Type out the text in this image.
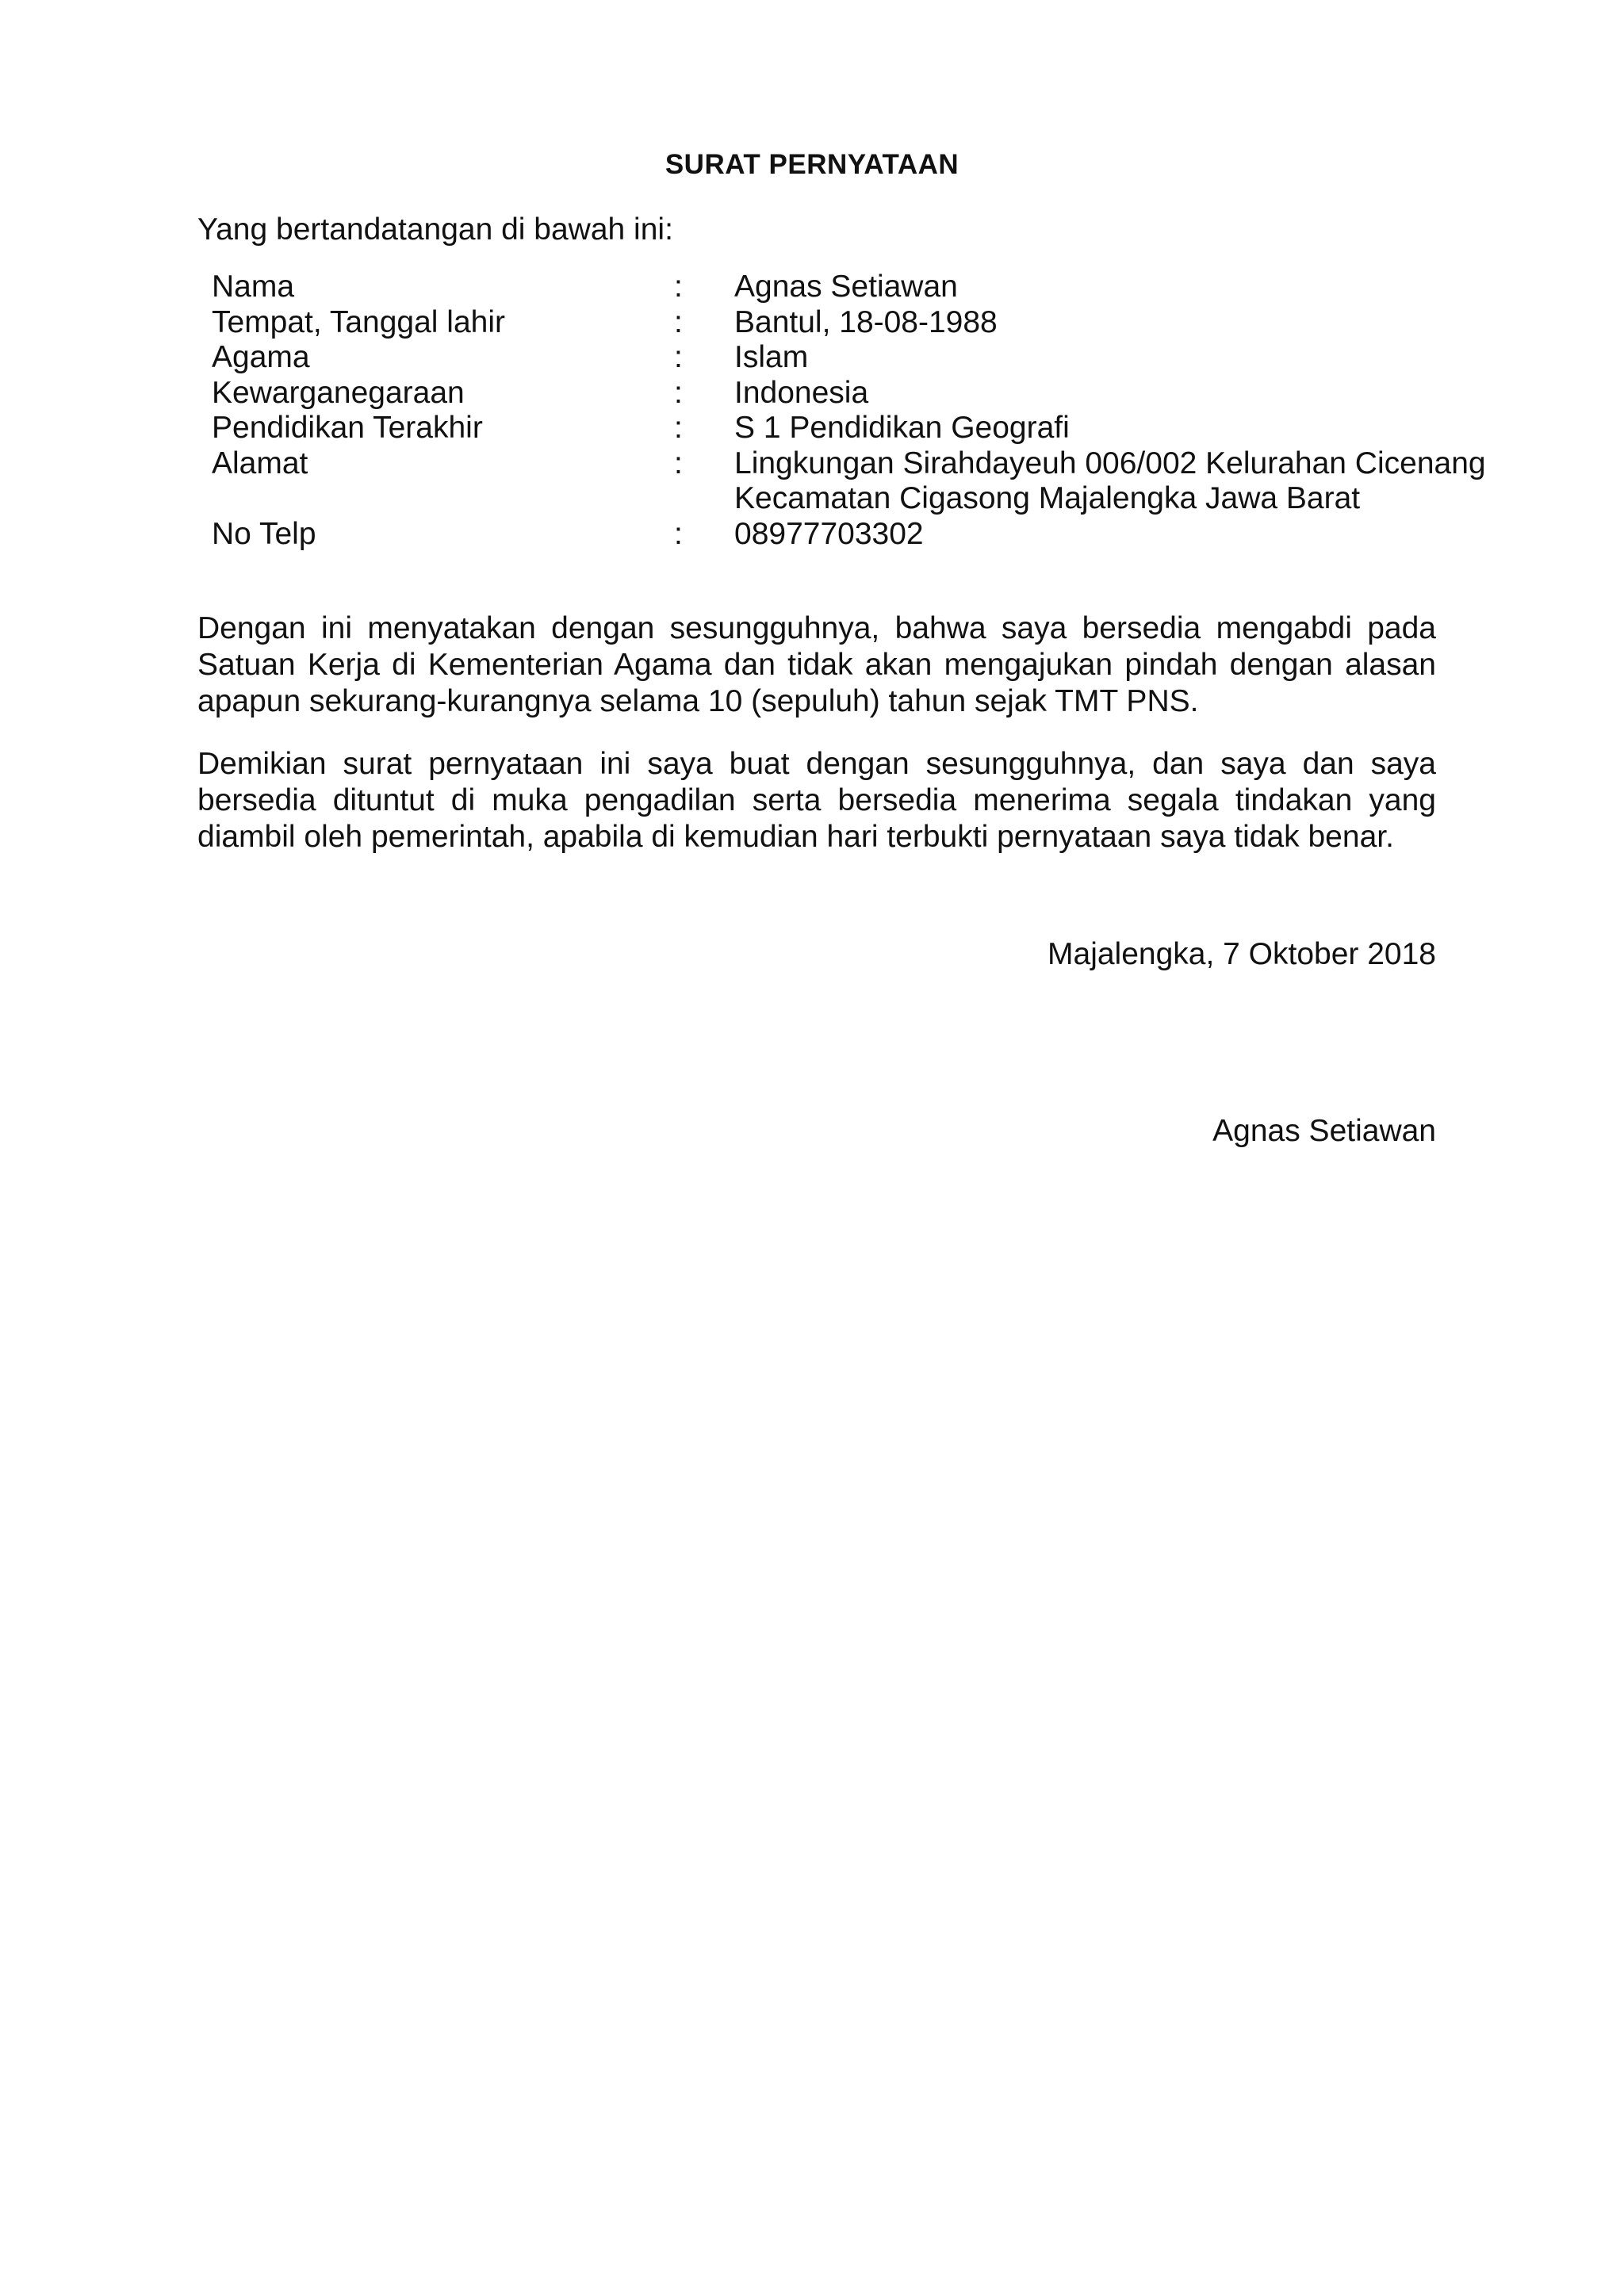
SURAT PERNYATAAN
Yang bertandatangan di bawah ini:
Nama	: Agnas Setiawan
Tempat, Tanggal lahir	: Bantul, 18-08-1988
Agama	: Islam
Kewarganegaraan	: Indonesia
Pendidikan Terakhir	: S 1 Pendidikan Geografi
Alamat	: Lingkungan Sirahdayeuh 006/002 Kelurahan Cicenang
Kecamatan Cigasong Majalengka Jawa Barat
No Telp	: 08977703302

Dengan ini menyatakan dengan sesungguhnya, bahwa saya bersedia mengabdi pada Satuan Kerja di Kementerian Agama dan tidak akan mengajukan pindah dengan alasan apapun sekurang-kurangnya selama 10 (sepuluh) tahun sejak TMT PNS.

Demikian surat pernyataan ini saya buat dengan sesungguhnya, dan saya dan saya bersedia dituntut di muka pengadilan serta bersedia menerima segala tindakan yang diambil oleh pemerintah, apabila di kemudian hari terbukti pernyataan saya tidak benar.

Majalengka, 7 Oktober 2018
Agnas Setiawan
